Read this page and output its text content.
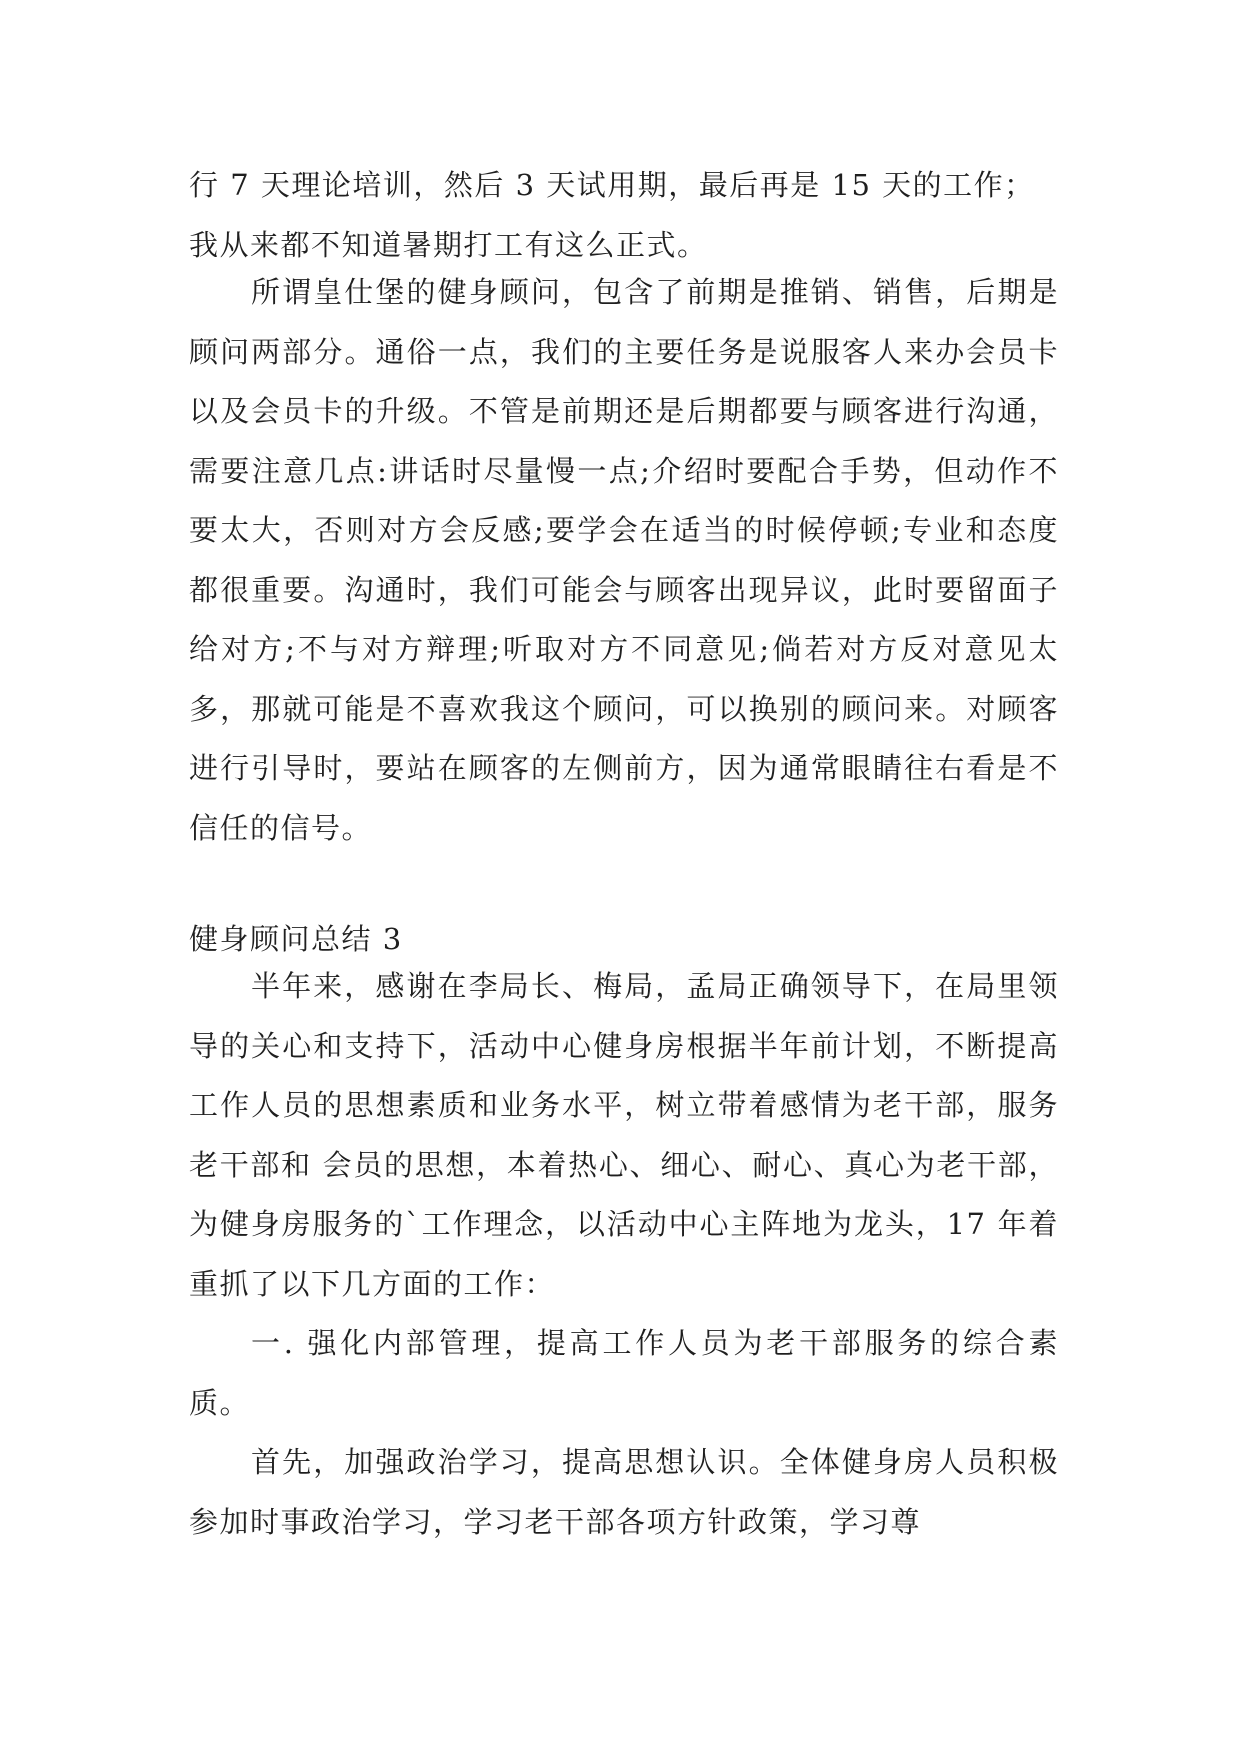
行 7 天理论培训，然后 3 天试用期，最后再是 15 天的工作；

我从来都不知道暑期打工有这么正式。

所谓皇仕堡的健身顾问，包含了前期是推销、销售，后期是顾问两部分。通俗一点，我们的主要任务是说服客人来办会员卡以及会员卡的升级。不管是前期还是后期都要与顾客进行沟通，需要注意几点:讲话时尽量慢一点;介绍时要配合手势，但动作不要太大，否则对方会反感;要学会在适当的时候停顿;专业和态度都很重要。沟通时，我们可能会与顾客出现异议，此时要留面子给对方;不与对方辩理;听取对方不同意见;倘若对方反对意见太多，那就可能是不喜欢我这个顾问，可以换别的顾问来。对顾客进行引导时，要站在顾客的左侧前方，因为通常眼睛往右看是不信任的信号。

健身顾问总结 3

半年来，感谢在李局长、梅局，孟局正确领导下，在局里领导的关心和支持下，活动中心健身房根据半年前计划，不断提高工作人员的思想素质和业务水平，树立带着感情为老干部，服务老干部和 会员的思想，本着热心、细心、耐心、真心为老干部，为健身房服务的`工作理念，以活动中心主阵地为龙头，17 年着重抓了以下几方面的工作：

一. 强化内部管理，提高工作人员为老干部服务的综合素质。

首先，加强政治学习，提高思想认识。全体健身房人员积极参加时事政治学习，学习老干部各项方针政策，学习尊
